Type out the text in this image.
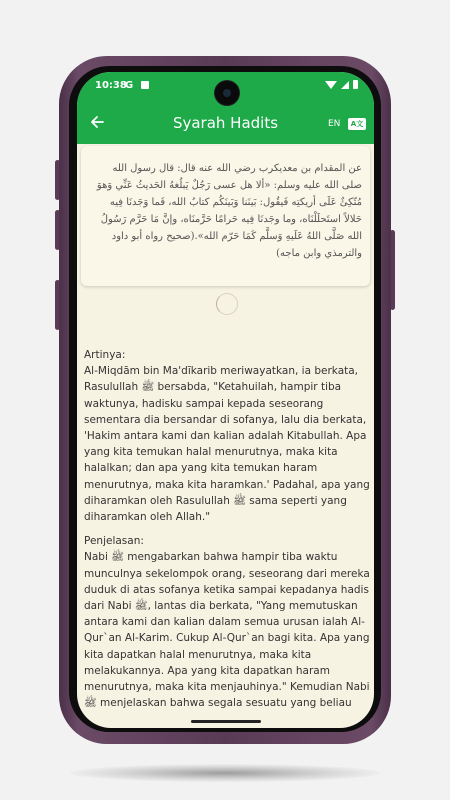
10:38
G
Syarah Hadits	EN	A文
عن المقدام بن معديكرب رضي الله عنه قال: قال رسول الله صلى الله عليه وسلم: «ألا هل عسى رَجُلٌ يَبلُغهُ الحَديثُ عَنِّي وَهوَ مُتّكِئٌ عَلَى أريكتِه فَيقُول: بَينَنا وَبَينَكُم كتابُ الله، فَما وَجَدنَا فِيه حَلالاً استَحلَلْنَاه، وما وجَدنَا فِيه حَرامًا حَرَّمنَاه، وإنَّ مَا حَرَّم رَسُولُ الله صَلَّى اللهُ عَلَيهِ وَسلَّم كَمَا حَرّم الله».(صحيح رواه أبو داود والترمذي وابن ماجه)

Artinya:

Al-Miqdām bin Ma'dīkarib meriwayatkan, ia berkata, Rasulullah ﷺ bersabda, "Ketahuilah, hampir tiba waktunya, hadisku sampai kepada seseorang sementara dia bersandar di sofanya, lalu dia berkata, 'Hakim antara kami dan kalian adalah Kitabullah. Apa yang kita temukan halal menurutnya, maka kita halalkan; dan apa yang kita temukan haram menurutnya, maka kita haramkan.' Padahal, apa yang diharamkan oleh Rasulullah ﷺ sama seperti yang diharamkan oleh Allah."

Penjelasan:

Nabi ﷺ mengabarkan bahwa hampir tiba waktu munculnya sekelompok orang, seseorang dari mereka duduk di atas sofanya ketika sampai kepadanya hadis dari Nabi ﷺ, lantas dia berkata, "Yang memutuskan antara kami dan kalian dalam semua urusan ialah Al-Qur`an Al-Karim. Cukup Al-Qur`an bagi kita. Apa yang kita dapatkan halal menurutnya, maka kita melakukannya. Apa yang kita dapatkan haram menurutnya, maka kita menjauhinya." Kemudian Nabi ﷺ menjelaskan bahwa segala sesuatu yang beliau
